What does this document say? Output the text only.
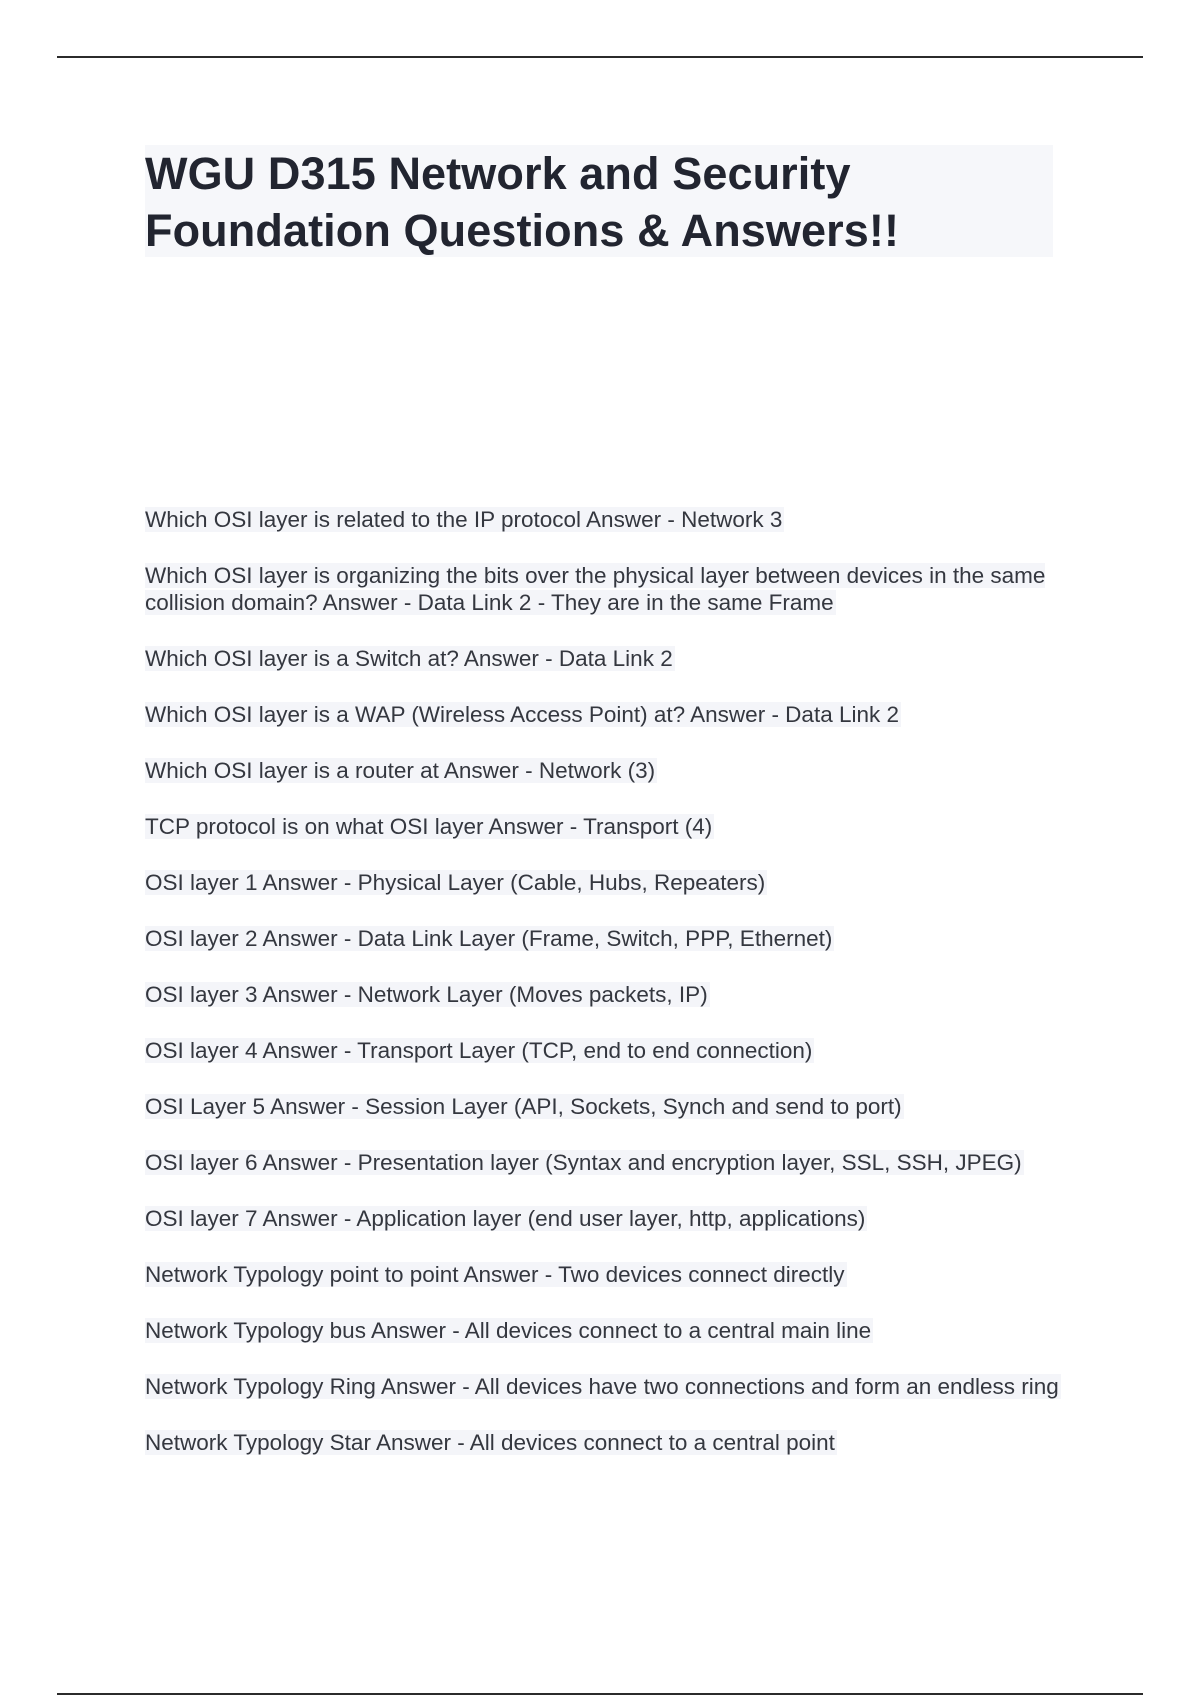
WGU D315 Network and Security
Foundation Questions & Answers!!
Which OSI layer is related to the IP protocol Answer - Network 3
Which OSI layer is organizing the bits over the physical layer between devices in the same collision domain? Answer - Data Link 2 - They are in the same Frame
Which OSI layer is a Switch at? Answer - Data Link 2
Which OSI layer is a WAP (Wireless Access Point) at? Answer - Data Link 2
Which OSI layer is a router at Answer - Network (3)
TCP protocol is on what OSI layer Answer - Transport (4)
OSI layer 1 Answer - Physical Layer (Cable, Hubs, Repeaters)
OSI layer 2 Answer - Data Link Layer (Frame, Switch, PPP, Ethernet)
OSI layer 3 Answer - Network Layer (Moves packets, IP)
OSI layer 4 Answer - Transport Layer (TCP, end to end connection)
OSI Layer 5 Answer - Session Layer (API, Sockets, Synch and send to port)
OSI layer 6 Answer - Presentation layer (Syntax and encryption layer, SSL, SSH, JPEG)
OSI layer 7 Answer - Application layer (end user layer, http, applications)
Network Typology point to point Answer - Two devices connect directly
Network Typology bus Answer - All devices connect to a central main line
Network Typology Ring Answer - All devices have two connections and form an endless ring
Network Typology Star Answer - All devices connect to a central point
